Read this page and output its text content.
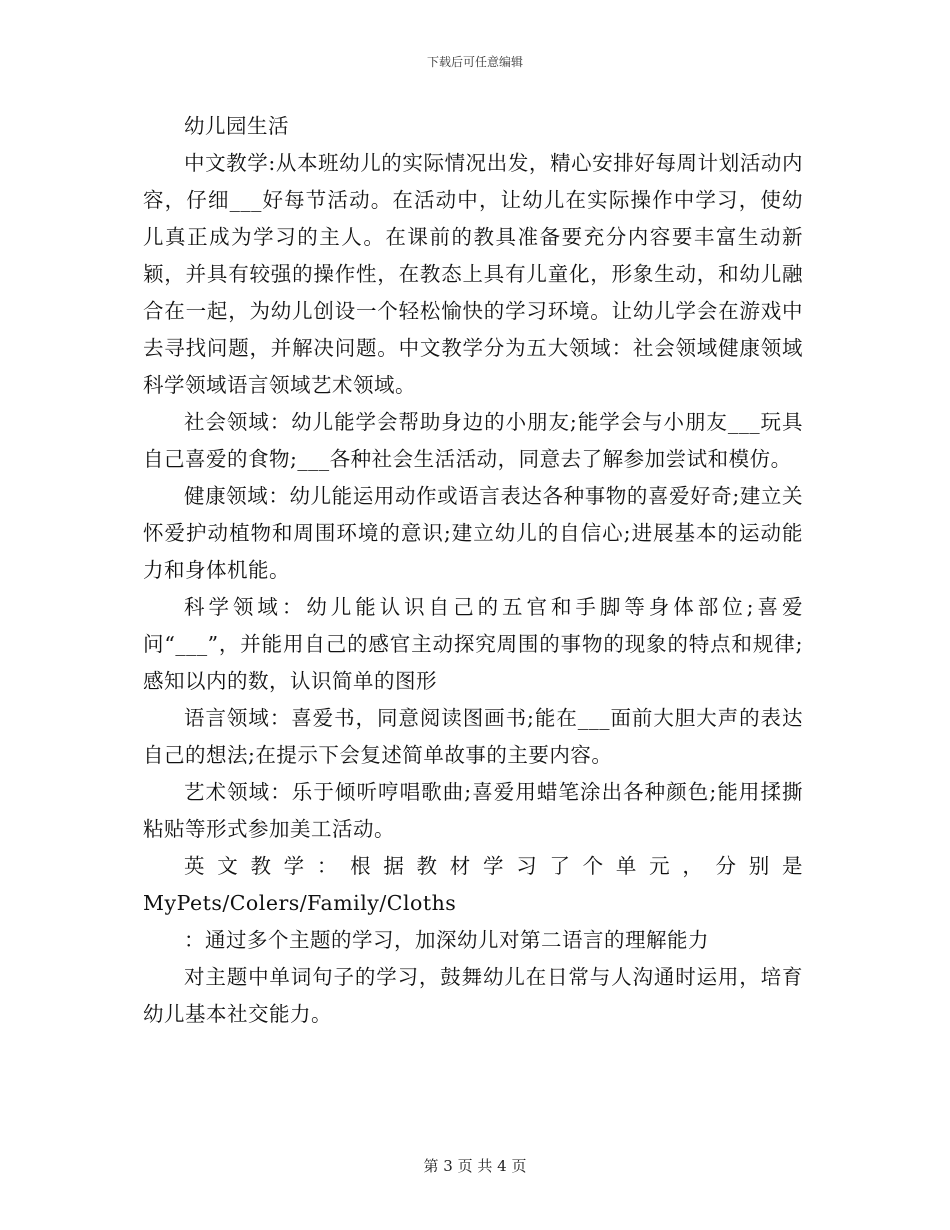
下载后可任意编辑

幼儿园生活

中文教学:从本班幼儿的实际情况出发，精心安排好每周计划活动内容，仔细___好每节活动。在活动中，让幼儿在实际操作中学习，使幼儿真正成为学习的主人。在课前的教具准备要充分内容要丰富生动新颖，并具有较强的操作性，在教态上具有儿童化，形象生动，和幼儿融合在一起，为幼儿创设一个轻松愉快的学习环境。让幼儿学会在游戏中去寻找问题，并解决问题。中文教学分为五大领域：社会领域健康领域科学领域语言领域艺术领域。

社会领域：幼儿能学会帮助身边的小朋友;能学会与小朋友___玩具自己喜爱的食物;___各种社会生活活动，同意去了解参加尝试和模仿。

健康领域：幼儿能运用动作或语言表达各种事物的喜爱好奇;建立关怀爱护动植物和周围环境的意识;建立幼儿的自信心;进展基本的运动能力和身体机能。

科学领域：幼儿能认识自己的五官和手脚等身体部位;喜爱问“___”，并能用自己的感官主动探究周围的事物的现象的特点和规律;感知以内的数，认识简单的图形

语言领域：喜爱书，同意阅读图画书;能在___面前大胆大声的表达自己的想法;在提示下会复述简单故事的主要内容。

艺术领域：乐于倾听哼唱歌曲;喜爱用蜡笔涂出各种颜色;能用揉撕粘贴等形式参加美工活动。

英文教学：根据教材学习了个单元，分别是MyPets/Colers/Family/Cloths

：通过多个主题的学习，加深幼儿对第二语言的理解能力

对主题中单词句子的学习，鼓舞幼儿在日常与人沟通时运用，培育幼儿基本社交能力。

第 3 页 共 4 页
